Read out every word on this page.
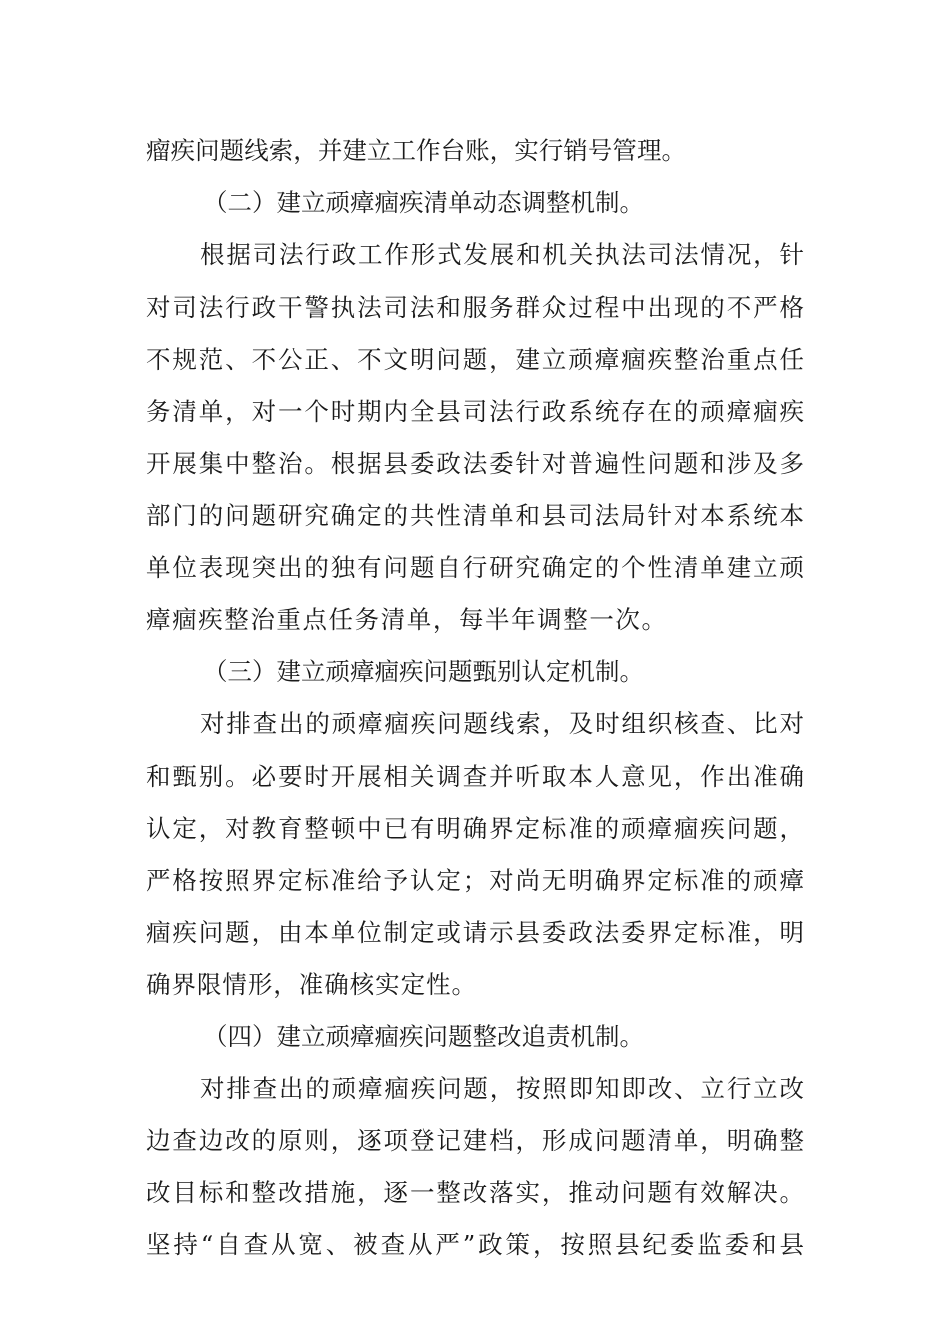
瘤疾问题线索，并建立工作台账，实行销号管理。
（二）建立顽瘴痼疾清单动态调整机制。
根据司法行政工作形式发展和机关执法司法情况，针
对司法行政干警执法司法和服务群众过程中出现的不严格
不规范、不公正、不文明问题，建立顽瘴痼疾整治重点任
务清单，对一个时期内全县司法行政系统存在的顽瘴痼疾
开展集中整治。根据县委政法委针对普遍性问题和涉及多
部门的问题研究确定的共性清单和县司法局针对本系统本
单位表现突出的独有问题自行研究确定的个性清单建立顽
瘴痼疾整治重点任务清单，每半年调整一次。
（三）建立顽瘴痼疾问题甄别认定机制。
对排查出的顽瘴痼疾问题线索，及时组织核查、比对
和甄别。必要时开展相关调查并听取本人意见，作出准确
认定，对教育整顿中已有明确界定标准的顽瘴痼疾问题，
严格按照界定标准给予认定；对尚无明确界定标准的顽瘴
痼疾问题，由本单位制定或请示县委政法委界定标准，明
确界限情形，准确核实定性。
（四）建立顽瘴痼疾问题整改追责机制。
对排查出的顽瘴痼疾问题，按照即知即改、立行立改
边查边改的原则，逐项登记建档，形成问题清单，明确整
改目标和整改措施，逐一整改落实，推动问题有效解决。
坚持“自查从宽、被查从严”政策，按照县纪委监委和县
